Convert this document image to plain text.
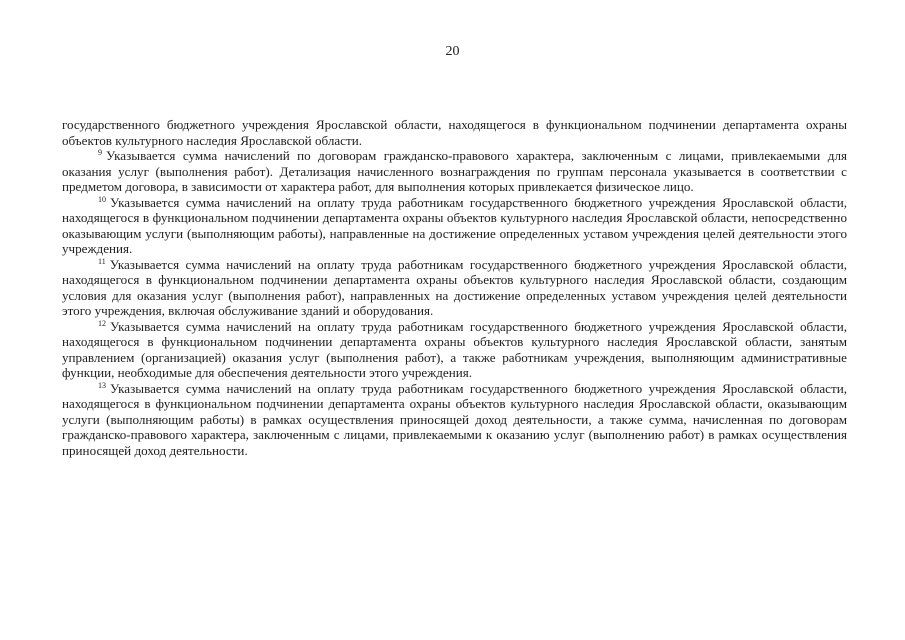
20

государственного бюджетного учреждения Ярославской области, находящегося в функциональном подчинении департамента охраны объектов культурного наследия Ярославской области.

$^9$ Указывается сумма начислений по договорам гражданско-правового характера, заключенным с лицами, привлекаемыми для оказания услуг (выполнения работ). Детализация начисленного вознаграждения по группам персонала указывается в соответствии с предметом договора, в зависимости от характера работ, для выполнения которых привлекается физическое лицо.

$^{10}$ Указывается сумма начислений на оплату труда работникам государственного бюджетного учреждения Ярославской области, находящегося в функциональном подчинении департамента охраны объектов культурного наследия Ярославской области, непосредственно оказывающим услуги (выполняющим работы), направленные на достижение определенных уставом учреждения целей деятельности этого учреждения.

$^{11}$ Указывается сумма начислений на оплату труда работникам государственного бюджетного учреждения Ярославской области, находящегося в функциональном подчинении департамента охраны объектов культурного наследия Ярославской области, создающим условия для оказания услуг (выполнения работ), направленных на достижение определенных уставом учреждения целей деятельности этого учреждения, включая обслуживание зданий и оборудования.

$^{12}$ Указывается сумма начислений на оплату труда работникам государственного бюджетного учреждения Ярославской области, находящегося в функциональном подчинении департамента охраны объектов культурного наследия Ярославской области, занятым управлением (организацией) оказания услуг (выполнения работ), а также работникам учреждения, выполняющим административные функции, необходимые для обеспечения деятельности этого учреждения.

$^{13}$ Указывается сумма начислений на оплату труда работникам государственного бюджетного учреждения Ярославской области, находящегося в функциональном подчинении департамента охраны объектов культурного наследия Ярославской области, оказывающим услуги (выполняющим работы) в рамках осуществления приносящей доход деятельности, а также сумма, начисленная по договорам гражданско-правового характера, заключенным с лицами, привлекаемыми к оказанию услуг (выполнению работ) в рамках осуществления приносящей доход деятельности.
